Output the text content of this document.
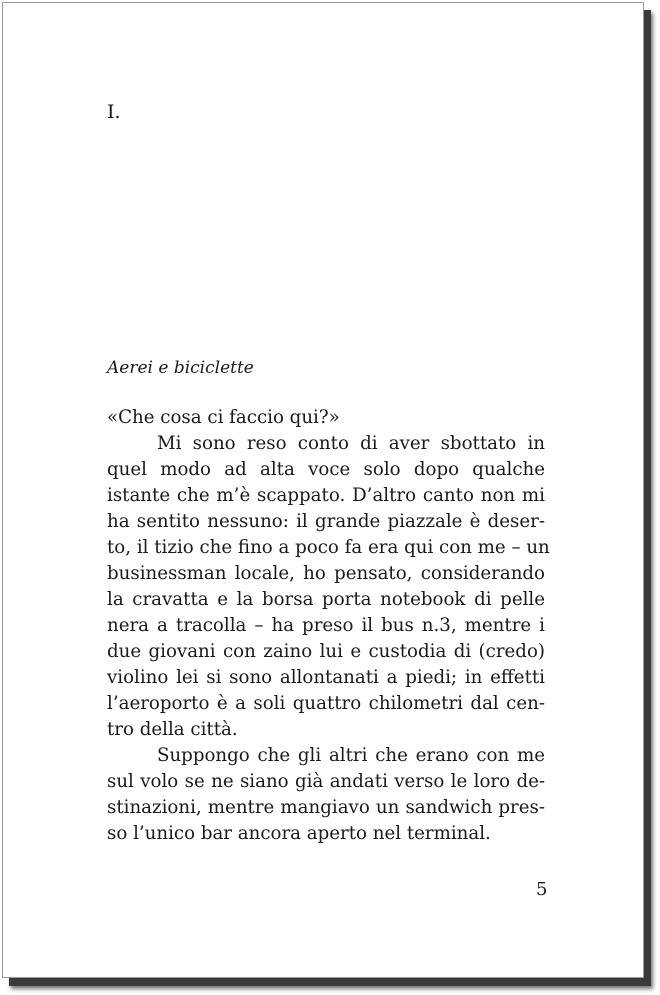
I.
Aerei e biciclette
«Che cosa ci faccio qui?»
Mi sono reso conto di aver sbottato in
quel modo ad alta voce solo dopo qualche
istante che m’è scappato. D’altro canto non mi
ha sentito nessuno: il grande piazzale è deser-
to, il tizio che fino a poco fa era qui con me – un
businessman locale, ho pensato, considerando
la cravatta e la borsa porta notebook di pelle
nera a tracolla – ha preso il bus n.3, mentre i
due giovani con zaino lui e custodia di (credo)
violino lei si sono allontanati a piedi; in effetti
l’aeroporto è a soli quattro chilometri dal cen-
tro della città.
Suppongo che gli altri che erano con me
sul volo se ne siano già andati verso le loro de-
stinazioni, mentre mangiavo un sandwich pres-
so l’unico bar ancora aperto nel terminal.
5
